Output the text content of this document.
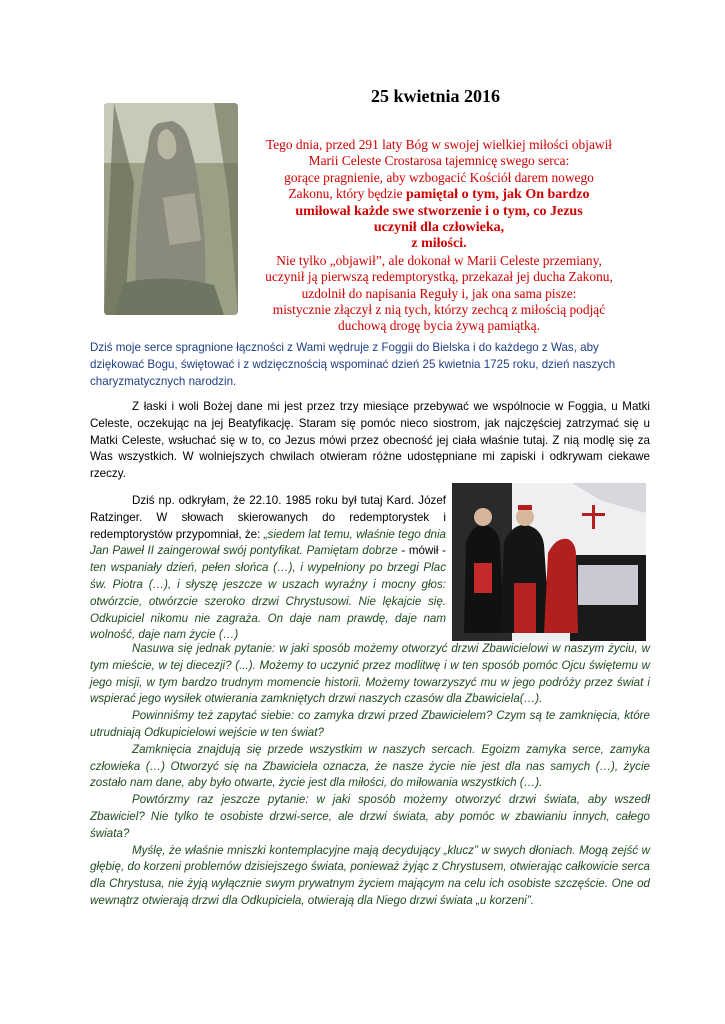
25 kwietnia 2016
Tego dnia, przed 291 laty Bóg w swojej wielkiej miłości objawił
Marii Celeste Crostarosa tajemnicę swego serca:
gorące pragnienie, aby wzbogacić Kościół darem nowego
Zakonu, który będzie pamiętał o tym, jak On bardzo
umiłował każde swe stworzenie i o tym, co Jezus
uczynił dla człowieka,
z miłości.
Nie tylko „objawił”, ale dokonał w Marii Celeste przemiany,
uczynił ją pierwszą redemptorystką, przekazał jej ducha Zakonu,
uzdolnił do napisania Reguły i, jak ona sama pisze:
mistycznie złączył z nią tych, którzy zechcą z miłością podjąć
duchową drogę bycia żywą pamiątką.
Dziś moje serce spragnione łączności z Wami wędruje z Foggii do Bielska i do każdego z Was, aby dziękować Bogu, świętować i z wdzięcznością wspominać dzień 25 kwietnia 1725 roku, dzień naszych charyzmatycznych narodzin.
Z łaski i woli Bożej dane mi jest przez trzy miesiące przebywać we wspólnocie w Foggia, u Matki Celeste, oczekując na jej Beatyfikację. Staram się pomóc nieco siostrom, jak najczęściej zatrzymać się u Matki Celeste, wsłuchać się w to, co Jezus mówi przez obecność jej ciała właśnie tutaj. Z nią modlę się za Was wszystkich. W wolniejszych chwilach otwieram różne udostępniane mi zapiski i odkrywam ciekawe rzeczy.
Dziś np. odkryłam, że 22.10. 1985 roku był tutaj Kard. Józef Ratzinger. W słowach skierowanych do redemptorystek i redemptorystów przypomniał, że: „siedem lat temu, właśnie tego dnia Jan Paweł II zaingerował swój pontyfikat. Pamiętam dobrze - mówił - ten wspaniały dzień, pełen słońca (…), i wypełniony po brzegi Plac św. Piotra (…), i słyszę jeszcze w uszach wyraźny i mocny głos: otwórzcie, otwórzcie szeroko drzwi Chrystusowi. Nie lękajcie się. Odkupiciel nikomu nie zagraża. On daje nam prawdę, daje nam wolność, daje nam życie (…)

Nasuwa się jednak pytanie: w jaki sposób możemy otworzyć drzwi Zbawicielowi w naszym życiu, w tym mieście, w tej diecezji? (...). Możemy to uczynić przez modlitwę i w ten sposób pomóc Ojcu świętemu w jego misji, w tym bardzo trudnym momencie historii. Możemy towarzyszyć mu w jego podróży przez świat i wspierać jego wysiłek otwierania zamkniętych drzwi naszych czasów dla Zbawiciela(…).

Powinniśmy też zapytać siebie: co zamyka drzwi przed Zbawicielem? Czym są te zamknięcia, które utrudniają Odkupicielowi wejście w ten świat?

Zamknięcia znajdują się przede wszystkim w naszych sercach. Egoizm zamyka serce, zamyka człowieka (…) Otworzyć się na Zbawiciela oznacza, że nasze życie nie jest dla nas samych (…), życie zostało nam dane, aby było otwarte, życie jest dla miłości, do miłowania wszystkich (…).

Powtórzmy raz jeszcze pytanie: w jaki sposób możemy otworzyć drzwi świata, aby wszedł Zbawiciel? Nie tylko te osobiste drzwi-serce, ale drzwi świata, aby pomóc w zbawianiu innych, całego świata?

Myślę, że właśnie mniszki kontemplacyjne mają decydujący „klucz” w swych dłoniach. Mogą zejść w głębię, do korzeni problemów dzisiejszego świata, ponieważ żyjąc z Chrystusem, otwierając całkowicie serca dla Chrystusa, nie żyją wyłącznie swym prywatnym życiem mającym na celu ich osobiste szczęście. One od wewnątrz otwierają drzwi dla Odkupiciela, otwierają dla Niego drzwi świata „u korzeni”.
